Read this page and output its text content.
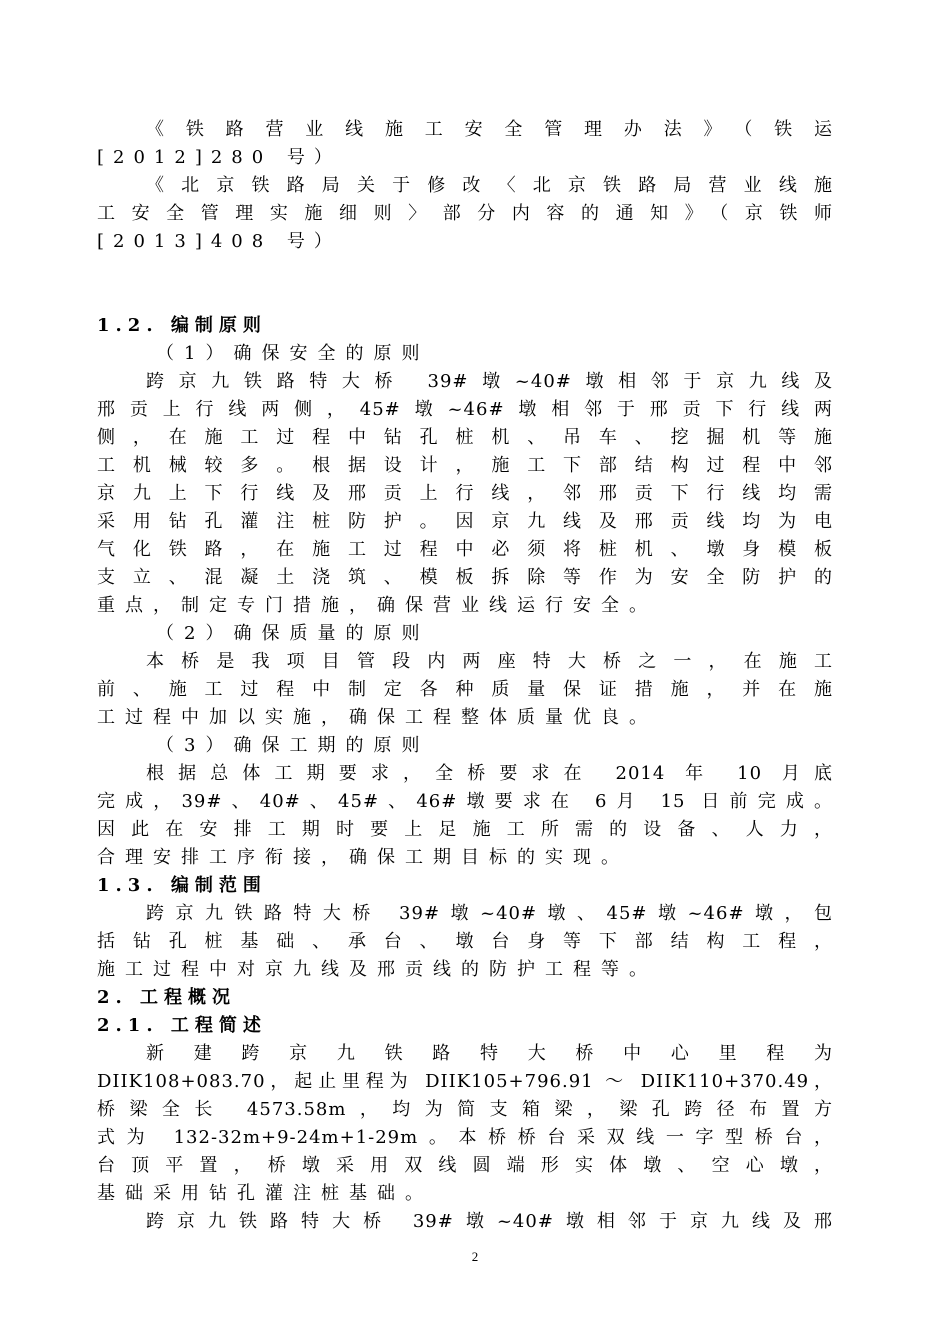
《铁路营业线施工安全管理办法》（铁运
[2012]280 号）
《北京铁路局关于修改〈北京铁路局营业线施
工安全管理实施细则〉部分内容的通知》（京铁师
[2013]408 号）
1.2. 编制原则
（1）确保安全的原则
跨京九铁路特大桥 39#墩~40#墩相邻于京九线及
邢贡上行线两侧，45#墩~46#墩相邻于邢贡下行线两
侧，在施工过程中钻孔桩机、吊车、挖掘机等施
工机械较多。根据设计，施工下部结构过程中邻
京九上下行线及邢贡上行线，邻邢贡下行线均需
采用钻孔灌注桩防护。因京九线及邢贡线均为电
气化铁路，在施工过程中必须将桩机、墩身模板
支立、混凝土浇筑、模板拆除等作为安全防护的
重点，制定专门措施，确保营业线运行安全。
（2）确保质量的原则
本桥是我项目管段内两座特大桥之一，在施工
前、施工过程中制定各种质量保证措施，并在施
工过程中加以实施，确保工程整体质量优良。
（3）确保工期的原则
根据总体工期要求，全桥要求在 2014 年 10 月底
完成，39#、40#、45#、46#墩要求在 6月 15 日前完成。
因此在安排工期时要上足施工所需的设备、人力，
合理安排工序衔接，确保工期目标的实现。
1.3. 编制范围
跨京九铁路特大桥 39#墩~40#墩、45#墩~46#墩，包
括钻孔桩基础、承台、墩台身等下部结构工程，
施工过程中对京九线及邢贡线的防护工程等。
2. 工程概况
2.1. 工程简述
新建跨京九铁路特大桥中心里程为
DIIK108+083.70，起止里程为 DIIK105+796.91 ～ DIIK110+370.49，
桥梁全长 4573.58m，均为简支箱梁，梁孔跨径布置方
式为 132-32m+9-24m+1-29m。本桥桥台采双线一字型桥台，
台顶平置，桥墩采用双线圆端形实体墩、空心墩，
基础采用钻孔灌注桩基础。
跨京九铁路特大桥 39#墩~40#墩相邻于京九线及邢
2
